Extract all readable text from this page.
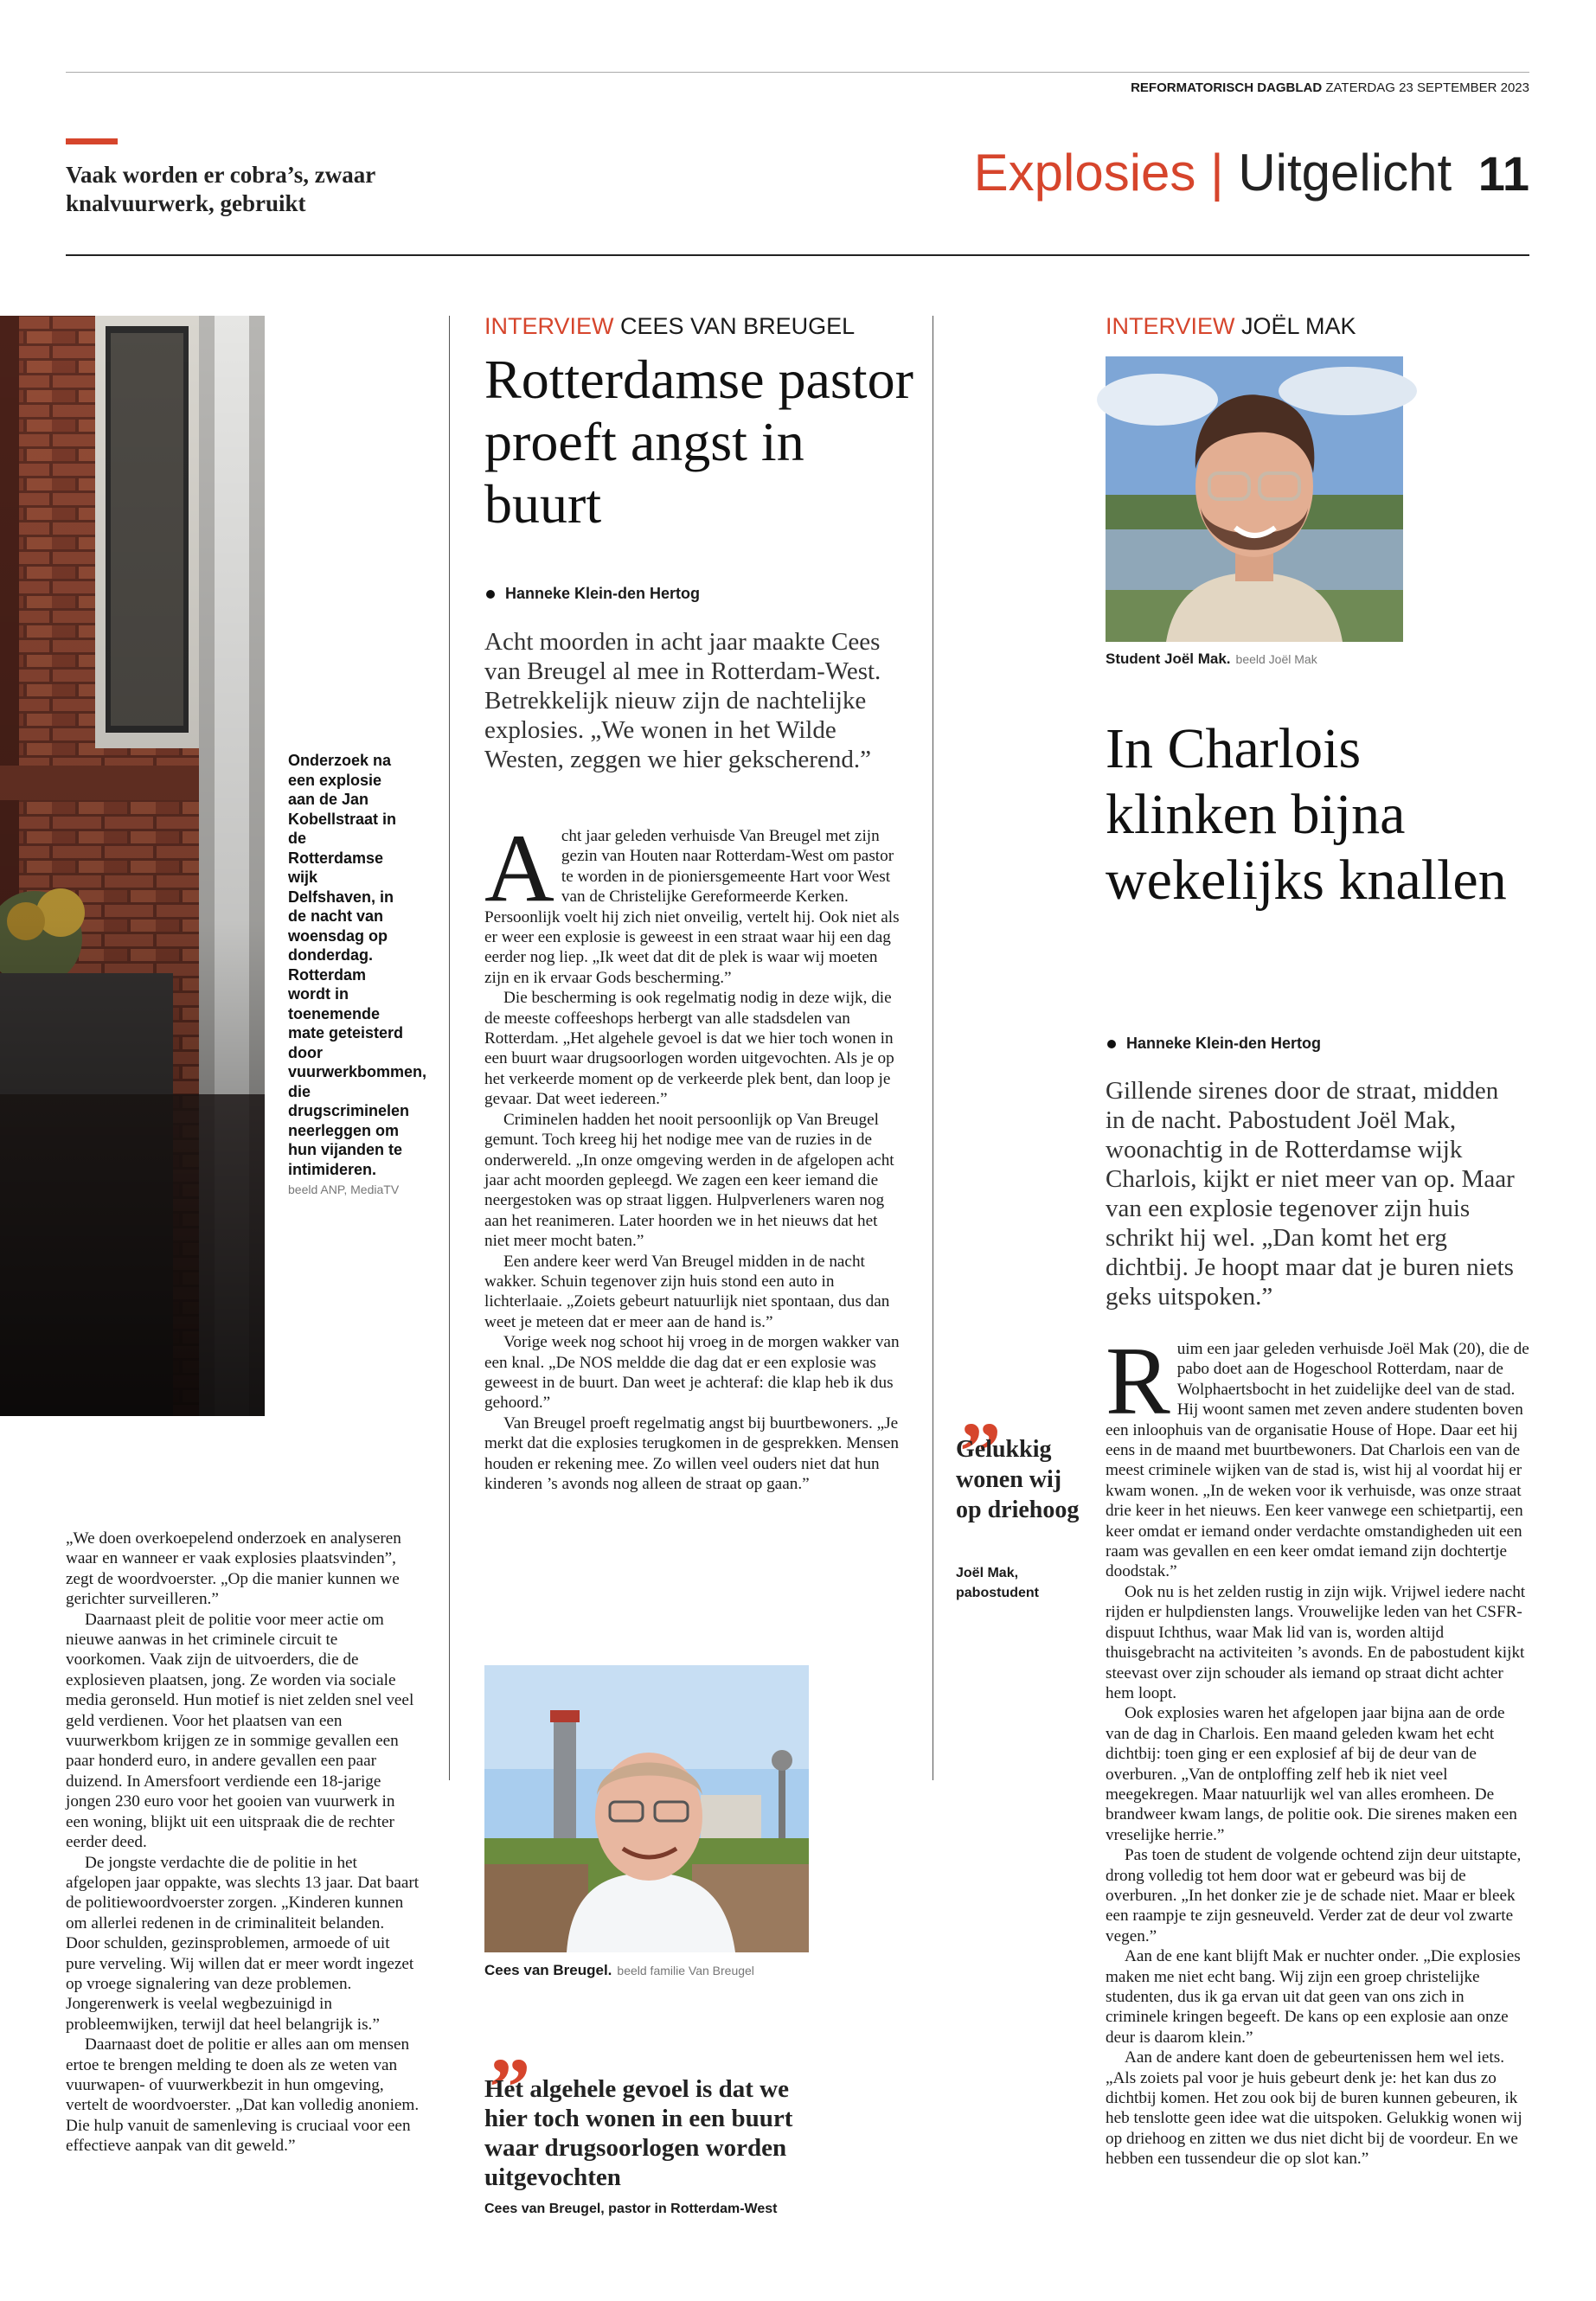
REFORMATORISCH DAGBLAD ZATERDAG 23 SEPTEMBER 2023
Vaak worden er cobra’s, zwaar knalvuurwerk, gebruikt
Explosies | Uitgelicht 11
Onderzoek na een explosie aan de Jan Kobellstraat in de Rotterdamse wijk Delfshaven, in de nacht van woensdag op donderdag. Rotterdam wordt in toenemende mate geteisterd door vuurwerkbommen, die drugscriminelen neerleggen om hun vijanden te intimideren. beeld ANP, MediaTV

„We doen overkoepelend onderzoek en analyseren waar en wanneer er vaak explosies plaatsvinden”, zegt de woordvoerster. „Op die manier kunnen we gerichter surveilleren.”

Daarnaast pleit de politie voor meer actie om nieuwe aanwas in het criminele circuit te voorkomen. Vaak zijn de uitvoerders, die de explosieven plaatsen, jong. Ze worden via sociale media geronseld. Hun motief is niet zelden snel veel geld verdienen. Voor het plaatsen van een vuurwerkbom krijgen ze in sommige gevallen een paar honderd euro, in andere gevallen een paar duizend. In Amersfoort verdiende een 18-jarige jongen 230 euro voor het gooien van vuurwerk in een woning, blijkt uit een uitspraak die de rechter eerder deed.

De jongste verdachte die de politie in het afgelopen jaar oppakte, was slechts 13 jaar. Dat baart de politiewoordvoerster zorgen. „Kinderen kunnen om allerlei redenen in de criminaliteit belanden. Door schulden, gezinsproblemen, armoede of uit pure verveling. Wij willen dat er meer wordt ingezet op vroege signalering van deze problemen. Jongerenwerk is veelal wegbezuinigd in probleemwijken, terwijl dat heel belangrijk is.”

Daarnaast doet de politie er alles aan om mensen ertoe te brengen melding te doen als ze weten van vuurwapen- of vuurwerkbezit in hun omgeving, vertelt de woordvoerster. „Dat kan volledig anoniem. Die hulp vanuit de samenleving is cruciaal voor een effectieve aanpak van dit geweld.”

INTERVIEW CEES VAN BREUGEL
Rotterdamse pastor proeft angst in buurt
Hanneke Klein-den Hertog

Acht moorden in acht jaar maakte Cees van Breugel al mee in Rotterdam-West. Betrekkelijk nieuw zijn de nachtelijke explosies. „We wonen in het Wilde Westen, zeggen we hier gekscherend.”

Acht jaar geleden verhuisde Van Breugel met zijn gezin van Houten naar Rotterdam-West om pastor te worden in de pioniersgemeente Hart voor West van de Christelijke Gereformeerde Kerken. Persoonlijk voelt hij zich niet onveilig, vertelt hij. Ook niet als er weer een explosie is geweest in een straat waar hij een dag eerder nog liep. „Ik weet dat dit de plek is waar wij moeten zijn en ik ervaar Gods bescherming.”

Die bescherming is ook regelmatig nodig in deze wijk, die de meeste coffeeshops herbergt van alle stadsdelen van Rotterdam. „Het algehele gevoel is dat we hier toch wonen in een buurt waar drugsoorlogen worden uitgevochten. Als je op het verkeerde moment op de verkeerde plek bent, dan loop je gevaar. Dat weet iedereen.”

Criminelen hadden het nooit persoonlijk op Van Breugel gemunt. Toch kreeg hij het nodige mee van de ruzies in de onderwereld. „In onze omgeving werden in de afgelopen acht jaar acht moorden gepleegd. We zagen een keer iemand die neergestoken was op straat liggen. Hulpverleners waren nog aan het reanimeren. Later hoorden we in het nieuws dat het niet meer mocht baten.”

Een andere keer werd Van Breugel midden in de nacht wakker. Schuin tegenover zijn huis stond een auto in lichterlaaie. „Zoiets gebeurt natuurlijk niet spontaan, dus dan weet je meteen dat er meer aan de hand is.”

Vorige week nog schoot hij vroeg in de morgen wakker van een knal. „De NOS meldde die dag dat er een explosie was geweest in de buurt. Dan weet je achteraf: die klap heb ik dus gehoord.”

Van Breugel proeft regelmatig angst bij buurtbewoners. „Je merkt dat die explosies terugkomen in de gesprekken. Mensen houden er rekening mee. Zo willen veel ouders niet dat hun kinderen ’s avonds nog alleen de straat op gaan.”

Cees van Breugel. beeld familie Van Breugel
„
Het algehele gevoel is dat we hier toch wonen in een buurt waar drugsoorlogen worden uitgevochten
Cees van Breugel, pastor in Rotterdam-West
INTERVIEW JOËL MAK
Student Joël Mak. beeld Joël Mak
In Charlois klinken bijna wekelijks knallen
Hanneke Klein-den Hertog

Gillende sirenes door de straat, midden in de nacht. Pabostudent Joël Mak, woonachtig in de Rotterdamse wijk Charlois, kijkt er niet meer van op. Maar van een explosie tegenover zijn huis schrikt hij wel. „Dan komt het erg dichtbij. Je hoopt maar dat je buren niets geks uitspoken.”

„
Gelukkig wonen wij op driehoog
Joël Mak, pabostudent

Ruim een jaar geleden verhuisde Joël Mak (20), die de pabo doet aan de Hogeschool Rotterdam, naar de Wolphaertsbocht in het zuidelijke deel van de stad. Hij woont samen met zeven andere studenten boven een inloophuis van de organisatie House of Hope. Daar eet hij eens in de maand met buurtbewoners. Dat Charlois een van de meest criminele wijken van de stad is, wist hij al voordat hij er kwam wonen. „In de weken voor ik verhuisde, was onze straat drie keer in het nieuws. Een keer vanwege een schietpartij, een keer omdat er iemand onder verdachte omstandigheden uit een raam was gevallen en een keer omdat iemand zijn dochtertje doodstak.”

Ook nu is het zelden rustig in zijn wijk. Vrijwel iedere nacht rijden er hulpdiensten langs. Vrouwelijke leden van het CSFR-dispuut Ichthus, waar Mak lid van is, worden altijd thuisgebracht na activiteiten ’s avonds. En de pabostudent kijkt steevast over zijn schouder als iemand op straat dicht achter hem loopt.

Ook explosies waren het afgelopen jaar bijna aan de orde van de dag in Charlois. Een maand geleden kwam het echt dichtbij: toen ging er een explosief af bij de deur van de overburen. „Van de ontploffing zelf heb ik niet veel meegekregen. Maar natuurlijk wel van alles eromheen. De brandweer kwam langs, de politie ook. Die sirenes maken een vreselijke herrie.”

Pas toen de student de volgende ochtend zijn deur uitstapte, drong volledig tot hem door wat er gebeurd was bij de overburen. „In het donker zie je de schade niet. Maar er bleek een raampje te zijn gesneuveld. Verder zat de deur vol zwarte vegen.”

Aan de ene kant blijft Mak er nuchter onder. „Die explosies maken me niet echt bang. Wij zijn een groep christelijke studenten, dus ik ga ervan uit dat geen van ons zich in criminele kringen begeeft. De kans op een explosie aan onze deur is daarom klein.”

Aan de andere kant doen de gebeurtenissen hem wel iets. „Als zoiets pal voor je huis gebeurt denk je: het kan dus zo dichtbij komen. Het zou ook bij de buren kunnen gebeuren, ik heb tenslotte geen idee wat die uitspoken. Gelukkig wonen wij op driehoog en zitten we dus niet dicht bij de voordeur. En we hebben een tussendeur die op slot kan.”
